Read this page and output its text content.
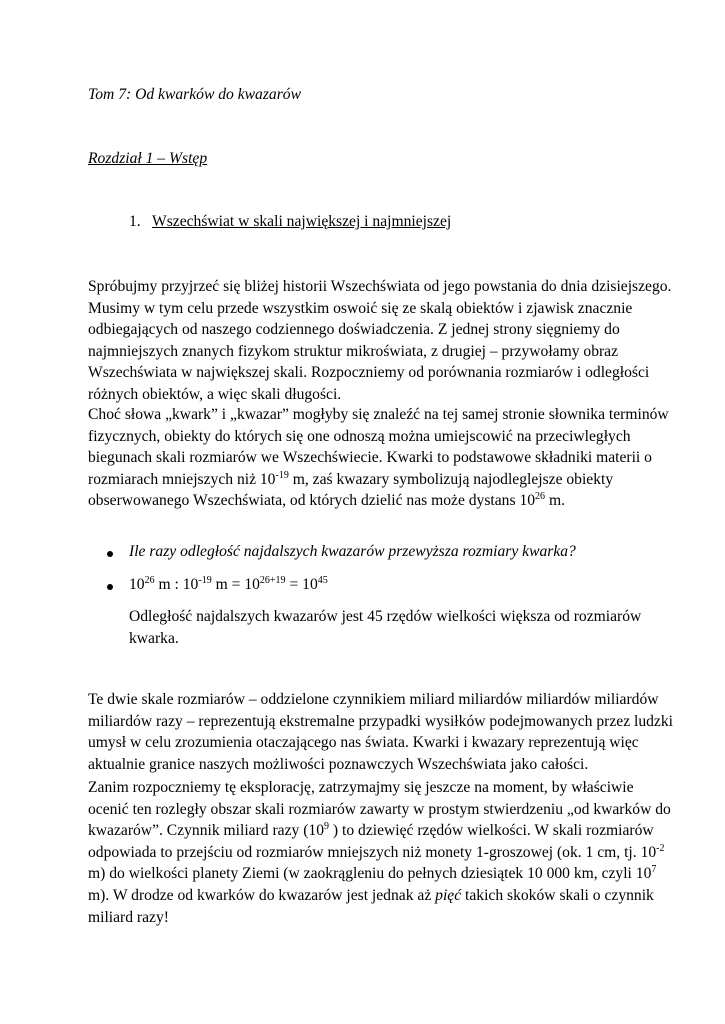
Tom 7: Od kwarków do kwazarów

Rozdział 1 – Wstęp

1. Wszechświat w skali największej i najmniejszej

Spróbujmy przyjrzeć się bliżej historii Wszechświata od jego powstania do dnia dzisiejszego.
Musimy w tym celu przede wszystkim oswoić się ze skalą obiektów i zjawisk znacznie
odbiegających od naszego codziennego doświadczenia. Z jednej strony sięgniemy do
najmniejszych znanych fizykom struktur mikroświata, z drugiej – przywołamy obraz
Wszechświata w największej skali. Rozpoczniemy od porównania rozmiarów i odległości
różnych obiektów, a więc skali długości.
Choć słowa „kwark” i „kwazar” mogłyby się znaleźć na tej samej stronie słownika terminów
fizycznych, obiekty do których się one odnoszą można umiejscowić na przeciwległych
biegunach skali rozmiarów we Wszechświecie. Kwarki to podstawowe składniki materii o
rozmiarach mniejszych niż $10^{-19}$ m, zaś kwazary symbolizują najodleglejsze obiekty
obserwowanego Wszechświata, od których dzielić nas może dystans $10^{26}$ m.

Ile razy odległość najdalszych kwazarów przewyższa rozmiary kwarka?

$10^{26}$ m : $10^{-19}$ $m = 10^{26+19} = 10^{45}$

Odległość najdalszych kwazarów jest 45 rzędów wielkości większa od rozmiarów
kwarka.
Te dwie skale rozmiarów – oddzielone czynnikiem miliard miliardów miliardów miliardów
miliardów razy – reprezentują ekstremalne przypadki wysiłków podejmowanych przez ludzki
umysł w celu zrozumienia otaczającego nas świata. Kwarki i kwazary reprezentują więc
aktualnie granice naszych możliwości poznawczych Wszechświata jako całości.
Zanim rozpoczniemy tę eksplorację, zatrzymajmy się jeszcze na moment, by właściwie
ocenić ten rozległy obszar skali rozmiarów zawarty w prostym stwierdzeniu „od kwarków do
kwazarów”. Czynnik miliard razy ($10^9$ ) to dziewięć rzędów wielkości. W skali rozmiarów
odpowiada to przejściu od rozmiarów mniejszych niż monety 1-groszowej (ok. 1 cm, tj. $10^{-2}$
m) do wielkości planety Ziemi (w zaokrągleniu do pełnych dziesiątek 10 000 km, czyli $10^7$
m). W drodze od kwarków do kwazarów jest jednak aż pięć takich skoków skali o czynnik
miliard razy!
